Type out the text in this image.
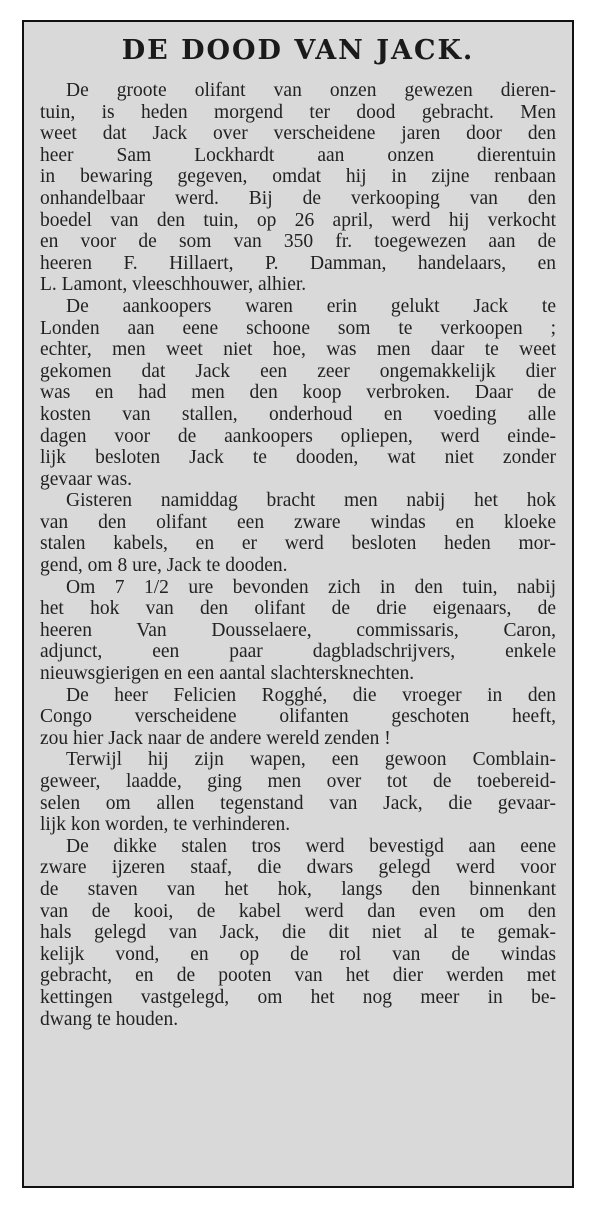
DE DOOD VAN JACK.
De groote olifant van onzen gewezen dieren-
tuin, is heden morgend ter dood gebracht. Men
weet dat Jack over verscheidene jaren door den
heer Sam Lockhardt aan onzen dierentuin
in bewaring gegeven, omdat hij in zijne renbaan
onhandelbaar werd. Bij de verkooping van den
boedel van den tuin, op 26 april, werd hij verkocht
en voor de som van 350 fr. toegewezen aan de
heeren F. Hillaert, P. Damman, handelaars, en
L. Lamont, vleeschhouwer, alhier.
De aankoopers waren erin gelukt Jack te
Londen aan eene schoone som te verkoopen ;
echter, men weet niet hoe, was men daar te weet
gekomen dat Jack een zeer ongemakkelijk dier
was en had men den koop verbroken. Daar de
kosten van stallen, onderhoud en voeding alle
dagen voor de aankoopers opliepen, werd einde-
lijk besloten Jack te dooden, wat niet zonder
gevaar was.
Gisteren namiddag bracht men nabij het hok
van den olifant een zware windas en kloeke
stalen kabels, en er werd besloten heden mor-
gend, om 8 ure, Jack te dooden.
Om 7 1/2 ure bevonden zich in den tuin, nabij
het hok van den olifant de drie eigenaars, de
heeren Van Dousselaere, commissaris, Caron,
adjunct, een paar dagbladschrijvers, enkele
nieuwsgierigen en een aantal slachtersknechten.
De heer Felicien Rogghé, die vroeger in den
Congo verscheidene olifanten geschoten heeft,
zou hier Jack naar de andere wereld zenden !
Terwijl hij zijn wapen, een gewoon Comblain-
geweer, laadde, ging men over tot de toebereid-
selen om allen tegenstand van Jack, die gevaar-
lijk kon worden, te verhinderen.
De dikke stalen tros werd bevestigd aan eene
zware ijzeren staaf, die dwars gelegd werd voor
de staven van het hok, langs den binnenkant
van de kooi, de kabel werd dan even om den
hals gelegd van Jack, die dit niet al te gemak-
kelijk vond, en op de rol van de windas
gebracht, en de pooten van het dier werden met
kettingen vastgelegd, om het nog meer in be-
dwang te houden.
